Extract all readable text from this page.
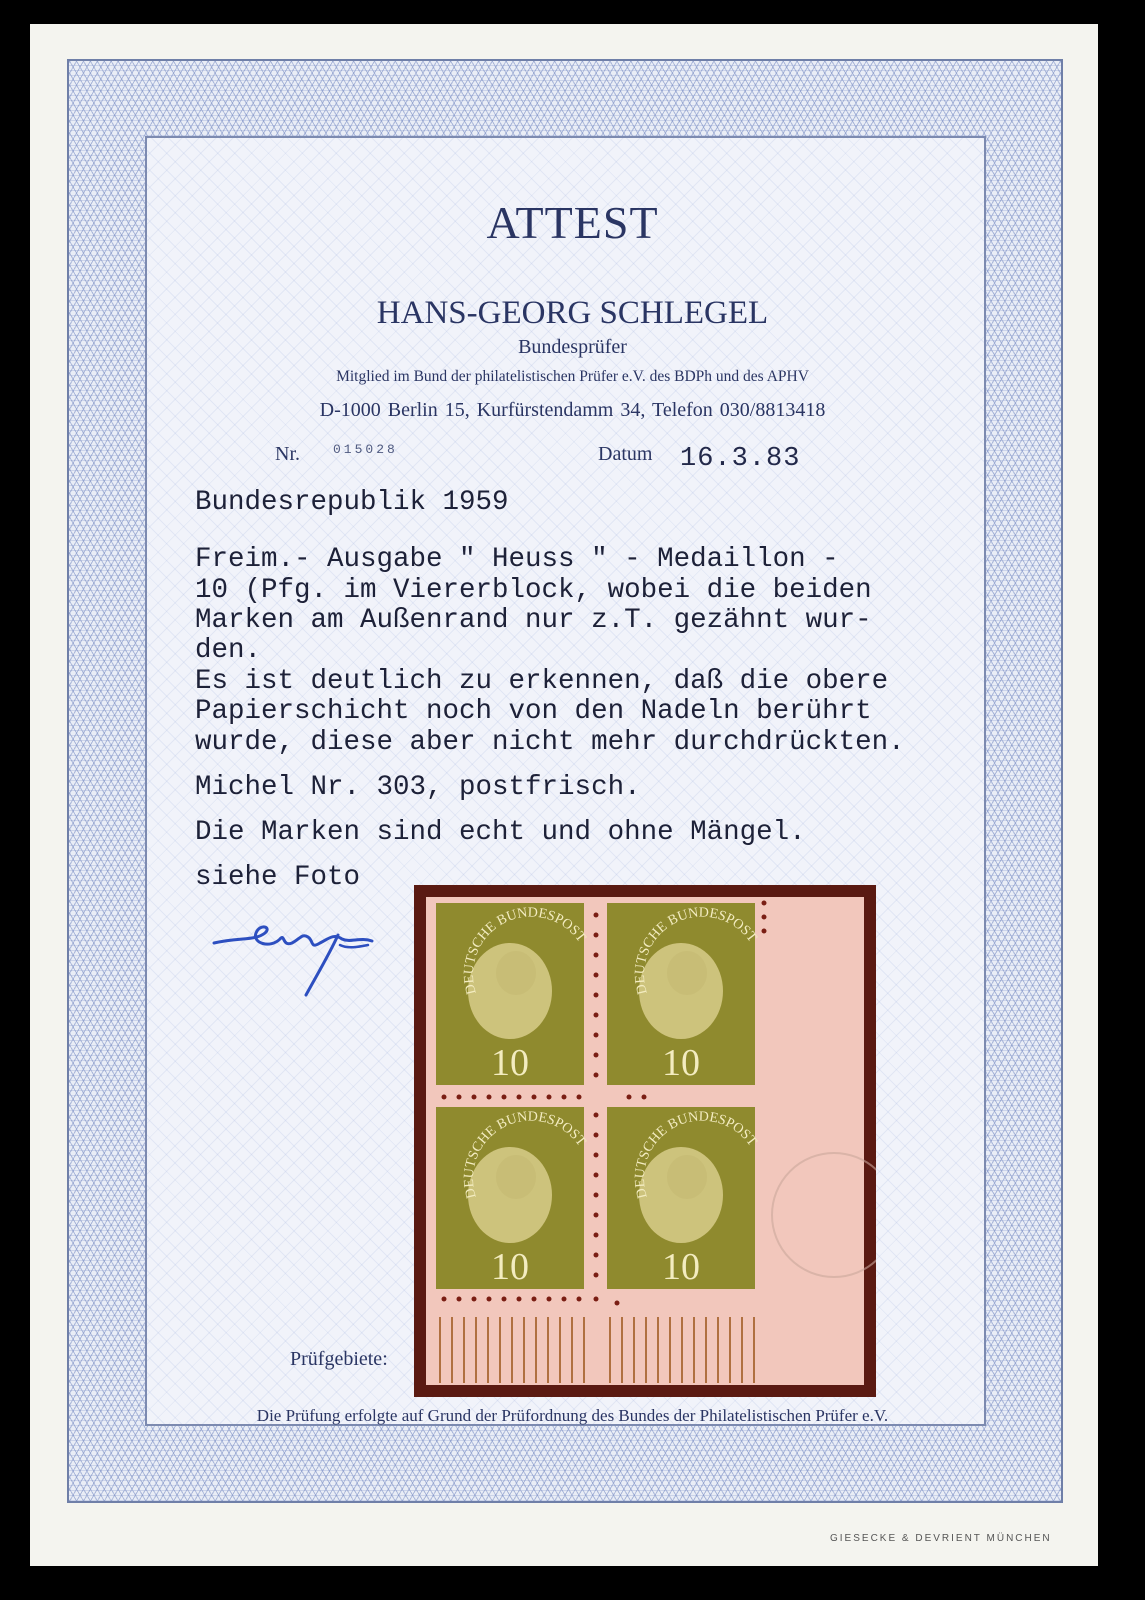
ATTEST
HANS-GEORG SCHLEGEL
Bundesprüfer
Mitglied im Bund der philatelistischen Prüfer e.V. des BDPh und des APHV
D-1000 Berlin 15, Kurfürstendamm 34, Telefon 030/8813418
Nr.	015028	Datum 16.3.83
Bundesrepublik 1959
Freim.- Ausgabe " Heuss " - Medaillon -
10 (Pfg. im Viererblock, wobei die beiden
Marken am Außenrand nur z.T. gezähnt wur-
den.
Es ist deutlich zu erkennen, daß die obere
Papierschicht noch von den Nadeln berührt
wurde, diese aber nicht mehr durchdrückten.
Michel Nr. 303, postfrisch.
Die Marken sind echt und ohne Mängel.
siehe Foto
10
DEUTSCHE BUNDESPOST
10
DEUTSCHE BUNDESPOST
10
DEUTSCHE BUNDESPOST
10
DEUTSCHE BUNDESPOST
Prüfgebiete:
Die Prüfung erfolgte auf Grund der Prüfordnung des Bundes der Philatelistischen Prüfer e.V.
GIESECKE & DEVRIENT MÜNCHEN
